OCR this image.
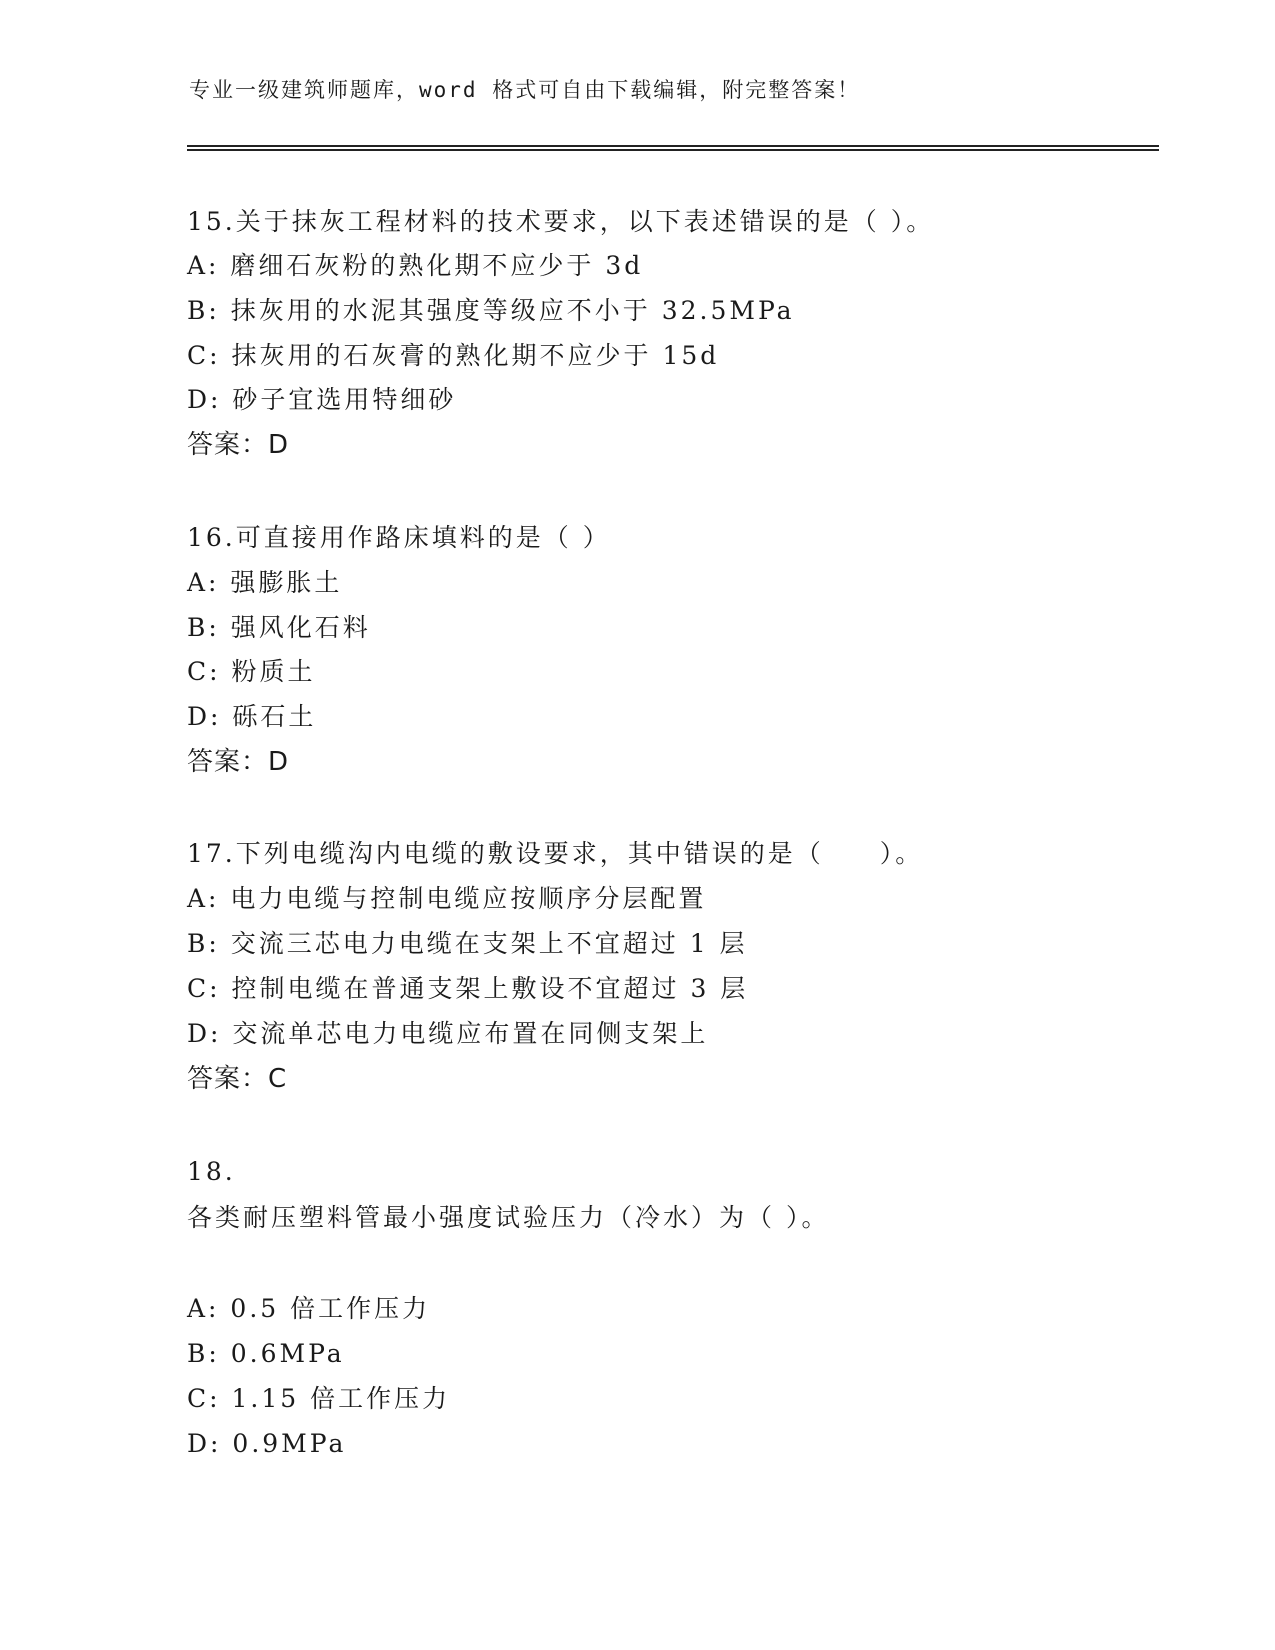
专业一级建筑师题库，word 格式可自由下载编辑，附完整答案！
15.关于抹灰工程材料的技术要求，以下表述错误的是（ ）。
A: 磨细石灰粉的熟化期不应少于 3d
B: 抹灰用的水泥其强度等级应不小于 32.5MPa
C: 抹灰用的石灰膏的熟化期不应少于 15d
D: 砂子宜选用特细砂
答案：D
16.可直接用作路床填料的是（ ）
A: 强膨胀土
B: 强风化石料
C: 粉质土
D: 砾石土
答案：D
17.下列电缆沟内电缆的敷设要求，其中错误的是（　　）。
A: 电力电缆与控制电缆应按顺序分层配置
B: 交流三芯电力电缆在支架上不宜超过 1 层
C: 控制电缆在普通支架上敷设不宜超过 3 层
D: 交流单芯电力电缆应布置在同侧支架上
答案：C
18.
各类耐压塑料管最小强度试验压力（冷水）为（ ）。
A: 0.5 倍工作压力
B: 0.6MPa
C: 1.15 倍工作压力
D: 0.9MPa
